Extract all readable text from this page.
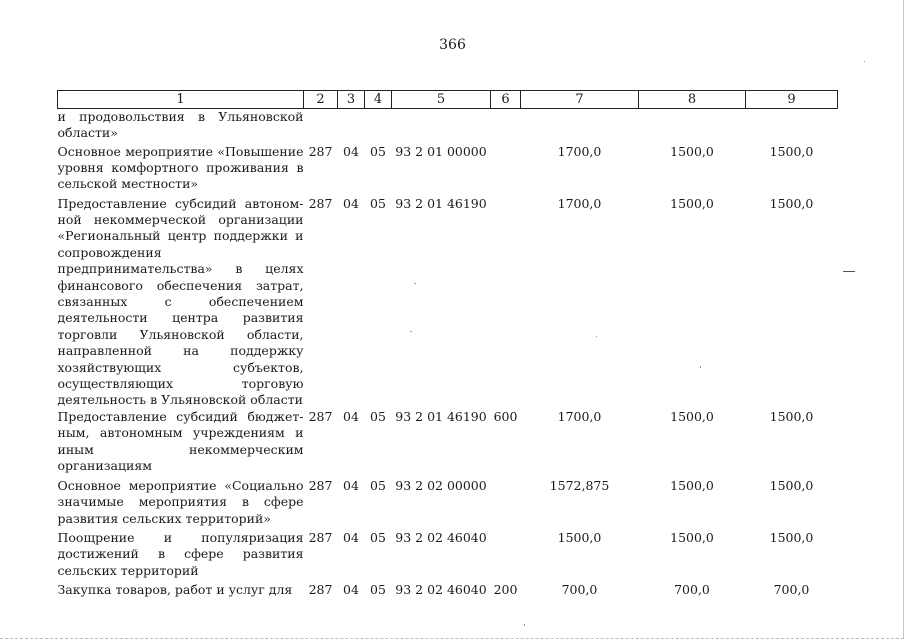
366
1	2	3	4	5	6	7	8	9
и продовольствия в Ульяновской области»								
Основное мероприятие «Повышение уровня комфортного проживания в сельской местности»	287	04	05	93 2 01 00000		1700,0	1500,0	1500,0
Предоставление субсидий автономной некоммерческой организации «Региональный центр поддержки и сопровождения предпринимательства» в целях финансового обеспечения затрат, связанных с обеспечением деятельности центра развития торговли Ульяновской области, направленной на поддержку хозяйствующих субъектов, осуществляющих торговую деятельность в Ульяновской области	287	04	05	93 2 01 46190		1700,0	1500,0	1500,0
Предоставление субсидий бюджетным, автономным учреждениям и иным некоммерческим организациям	287	04	05	93 2 01 46190	600	1700,0	1500,0	1500,0
Основное мероприятие «Социально значимые мероприятия в сфере развития сельских территорий»	287	04	05	93 2 02 00000		1572,875	1500,0	1500,0
Поощрение и популяризация достижений в сфере развития сельских территорий	287	04	05	93 2 02 46040		1500,0	1500,0	1500,0
Закупка товаров, работ и услуг для	287	04	05	93 2 02 46040	200	700,0	700,0	700,0
